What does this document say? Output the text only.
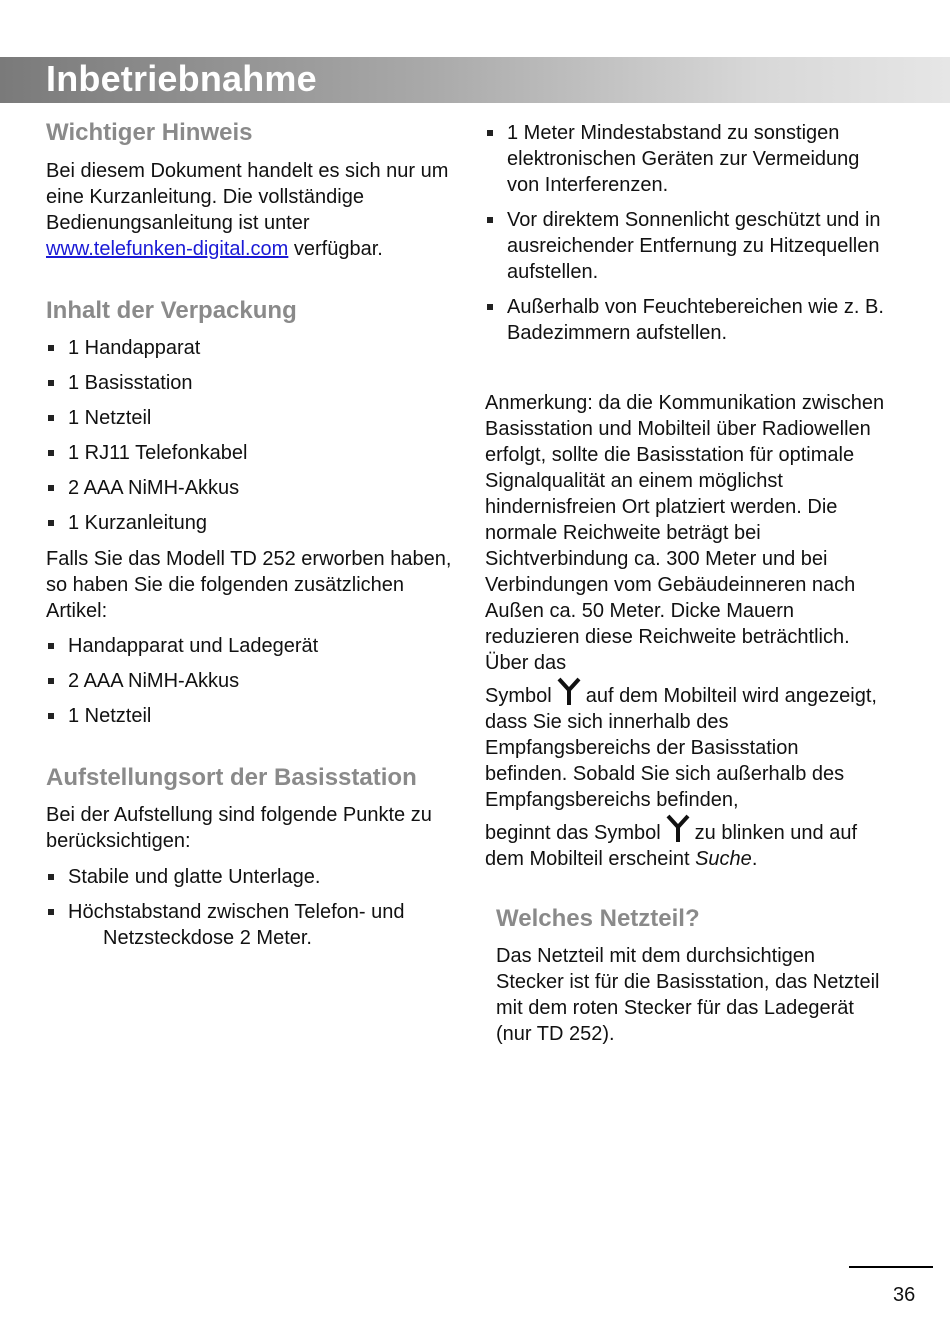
Inbetriebnahme
Wichtiger Hinweis

Bei diesem Dokument handelt es sich nur um eine Kurzanleitung. Die vollständige Bedienungsanleitung ist unter www.telefunken-digital.com verfügbar.

Inhalt der Verpackung
1 Handapparat
1 Basisstation
1 Netzteil
1 RJ11 Telefonkabel
2 AAA NiMH-Akkus
1 Kurzanleitung

Falls Sie das Modell TD 252 erworben haben, so haben Sie die folgenden zusätzlichen Artikel:

Handapparat und Ladegerät
2 AAA NiMH-Akkus
1 Netzteil
Aufstellungsort der Basisstation

Bei der Aufstellung sind folgende Punkte zu berücksichtigen:

Stabile und glatte Unterlage.
Höchstabstand zwischen Telefon- und
Netzsteckdose 2 Meter.
1 Meter Mindestabstand zu sonstigen elektronischen Geräten zur Vermeidung von Interferenzen.
Vor direktem Sonnenlicht geschützt und in ausreichender Entfernung zu Hitzequellen aufstellen.
Außerhalb von Feuchtebereichen wie z. B. Badezimmern aufstellen.

Anmerkung: da die Kommunikation zwischen Basisstation und Mobilteil über Radiowellen erfolgt, sollte die Basisstation für optimale Signalqualität an einem möglichst hindernisfreien Ort platziert werden. Die normale Reichweite beträgt bei Sichtverbindung ca. 300 Meter und bei Verbindungen vom Gebäudeinneren nach Außen ca. 50 Meter. Dicke Mauern reduzieren diese Reichweite beträchtlich. Über das
Symbol auf dem Mobilteil wird angezeigt, dass Sie sich innerhalb des Empfangsbereichs der Basisstation befinden. Sobald Sie sich außerhalb des Empfangsbereichs befinden,
beginnt das Symbol zu blinken und auf dem Mobilteil erscheint Suche.

Welches Netzteil?

Das Netzteil mit dem durchsichtigen Stecker ist für die Basisstation, das Netzteil mit dem roten Stecker für das Ladegerät (nur TD 252).

36
